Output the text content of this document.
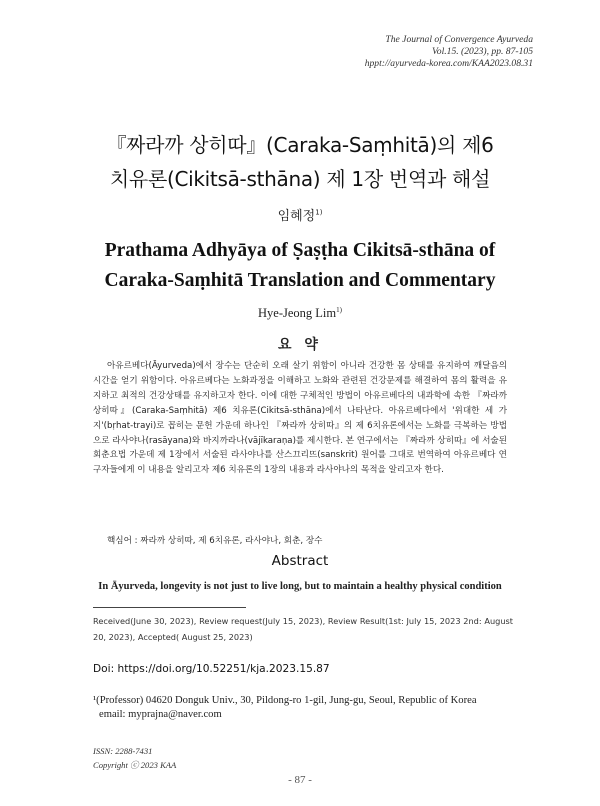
The Journal of Convergence Ayurveda
Vol.15. (2023), pp. 87-105
hppt://ayurveda-korea.com/KAA2023.08.31
『짜라까 상히따』(Caraka-Saṃhitā)의 제6
치유론(Cikitsā-sthāna) 제 1장 번역과 해설
임혜정$^{1)}$
Prathama Adhyāya of Ṣaṣṭha Cikitsā-sthāna of
Caraka-Saṃhitā Translation and Commentary
Hye-Jeong Lim$^{1)}$
요 약
아유르베다(Āyurveda)에서 장수는 단순히 오래 살기 위함이 아니라 건강한 몸 상태를 유지하여 깨달음의 시간을 얻기 위함이다. 아유르베다는 노화과정을 이해하고 노화와 관련된 건강문제를 해결하여 몸의 활력을 유지하고 최적의 건강상태를 유지하고자 한다. 이에 대한 구체적인 방법이 아유르베다의 내과학에 속한 『짜라까 상히따』(Caraka-Saṃhitā) 제6 치유론(Cikitsā-sthāna)에서 나타난다. 아유르베다에서 '위대한 세 가지'(bṛhat-trayi)로 꼽히는 문헌 가운데 하나인 『짜라까 상히따』의 제 6치유론에서는 노화를 극복하는 방법으로 라사야나(rasāyana)와 바지까라나(vājīkaraṇa)를 제시한다. 본 연구에서는 『짜라까 상히따』에 서술된 회춘요법 가운데 제 1장에서 서술된 라사야나를 산스끄리뜨(sanskrit) 원어를 그대로 번역하여 아유르베다 연구자들에게 이 내용을 알리고자 제6 치유론의 1장의 내용과 라사야나의 목적을 알리고자 한다.
핵심어 : 짜라까 상히따, 제 6치유론, 라사야나, 회춘, 장수
Abstract
In Āyurveda, longevity is not just to live long, but to maintain a healthy physical condition
Received(June 30, 2023), Review request(July 15, 2023), Review Result(1st: July 15, 2023 2nd: August 20, 2023), Accepted( August 25, 2023)
Doi: https://doi.org/10.52251/kja.2023.15.87
¹(Professor) 04620 Donguk Univ., 30, Pildong-ro 1-gil, Jung-gu, Seoul, Republic of Korea
email: myprajna@naver.com
ISSN: 2288-7431
Copyright ⓒ 2023 KAA
- 87 -
